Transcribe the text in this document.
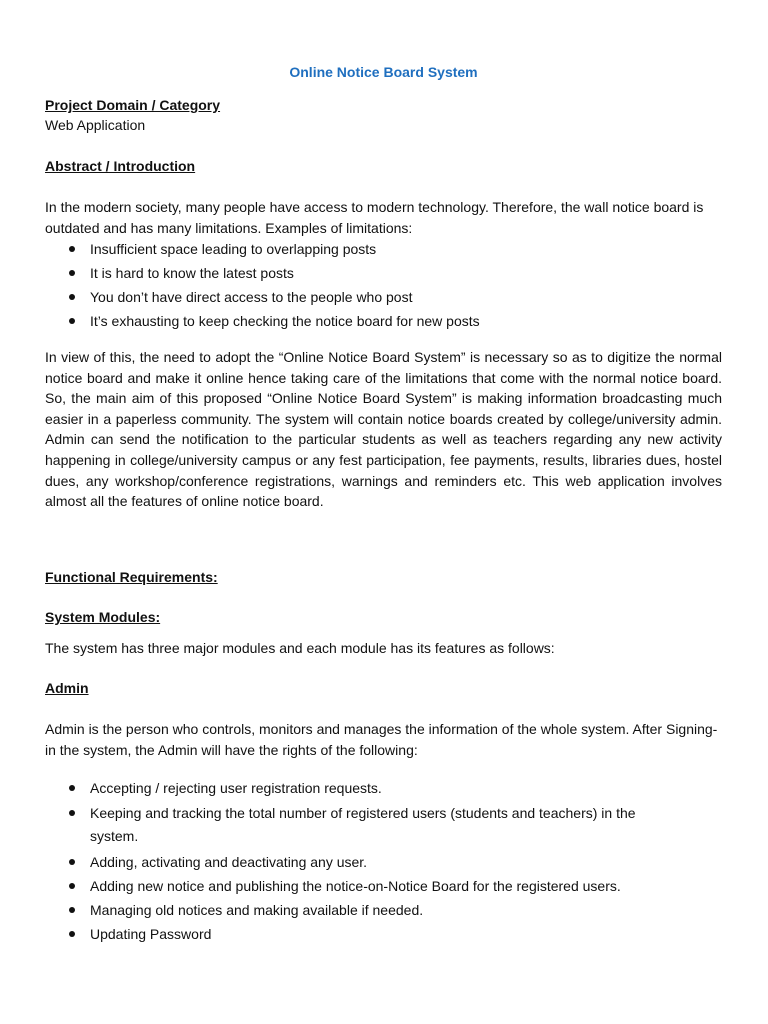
Online Notice Board System
Project Domain / Category
Web Application
Abstract / Introduction
In the modern society, many people have access to modern technology. Therefore, the wall notice board is outdated and has many limitations. Examples of limitations:
Insufficient space leading to overlapping posts
It is hard to know the latest posts
You don’t have direct access to the people who post
It’s exhausting to keep checking the notice board for new posts
In view of this, the need to adopt the “Online Notice Board System” is necessary so as to digitize the normal notice board and make it online hence taking care of the limitations that come with the normal notice board. So, the main aim of this proposed “Online Notice Board System” is making information broadcasting much easier in a paperless community. The system will contain notice boards created by college/university admin. Admin can send the notification to the particular students as well as teachers regarding any new activity happening in college/university campus or any fest participation, fee payments, results, libraries dues, hostel dues, any workshop/conference registrations, warnings and reminders etc. This web application involves almost all the features of online notice board.
Functional Requirements:
System Modules:
The system has three major modules and each module has its features as follows:
Admin
Admin is the person who controls, monitors and manages the information of the whole system. After Signing-in the system, the Admin will have the rights of the following:
Accepting / rejecting user registration requests.
Keeping and tracking the total number of registered users (students and teachers) in the system.
Adding, activating and deactivating any user.
Adding new notice and publishing the notice-on-Notice Board for the registered users.
Managing old notices and making available if needed.
Updating Password
